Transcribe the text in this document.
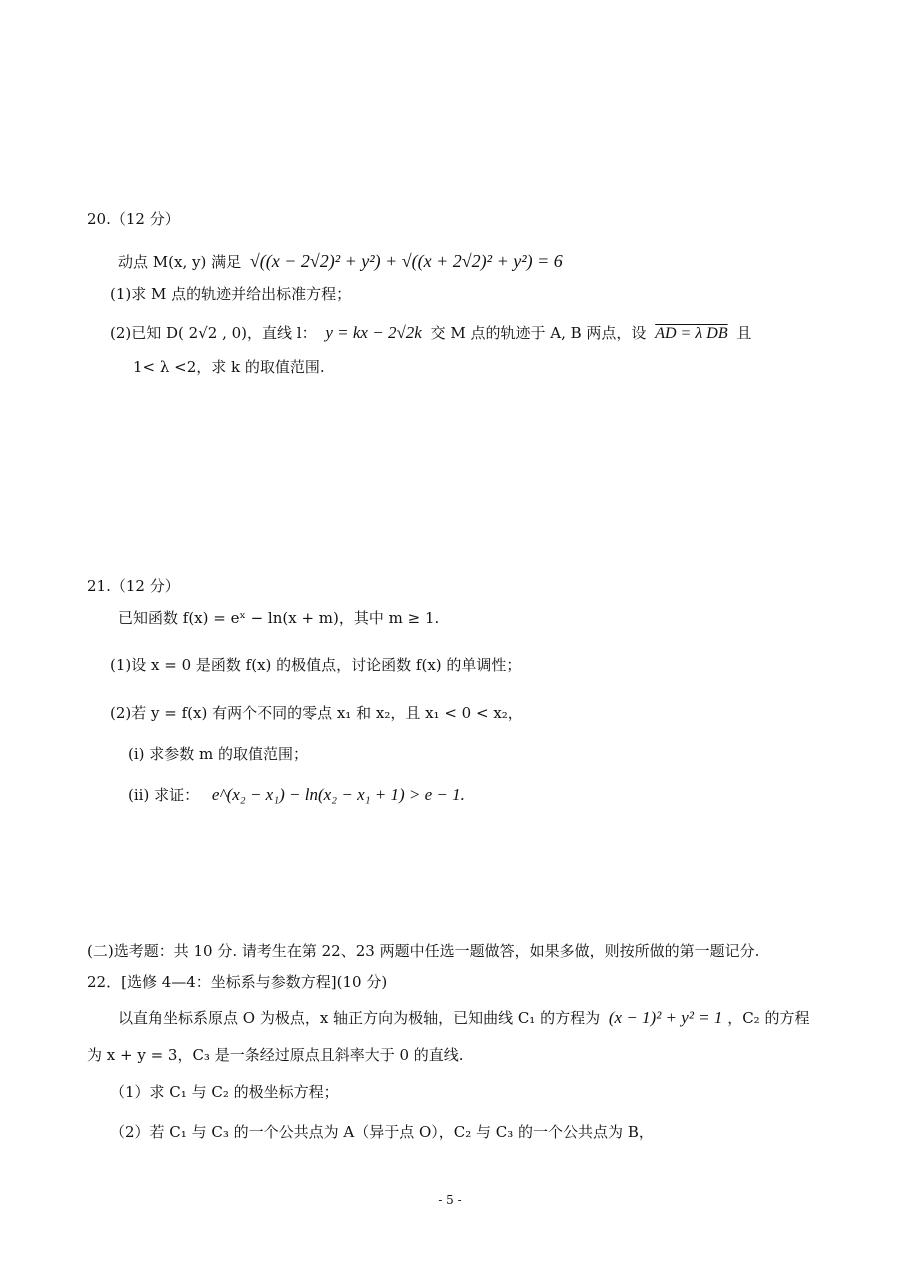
20.（12 分）
动点 M(x, y) 满足 √((x − 2√2)² + y²) + √((x + 2√2)² + y²) = 6
(1)求 M 点的轨迹并给出标准方程；
(2)已知 D( 2√2 , 0)，直线 l： y = kx − 2√2k 交 M 点的轨迹于 A, B 两点，设 AD = λ DB 且
1< λ <2，求 k 的取值范围.
21.（12 分）
已知函数 f(x) = eˣ − ln(x + m)，其中 m ≥ 1.
(1)设 x = 0 是函数 f(x) 的极值点，讨论函数 f(x) 的单调性；
(2)若 y = f(x) 有两个不同的零点 x₁ 和 x₂，且 x₁ < 0 < x₂，
(i) 求参数 m 的取值范围；
(ii) 求证： e^(x₂ − x₁) − ln(x₂ − x₁ + 1) > e − 1.
(二)选考题：共 10 分. 请考生在第 22、23 两题中任选一题做答，如果多做，则按所做的第一题记分.
22．[选修 4—4：坐标系与参数方程](10 分)
以直角坐标系原点 O 为极点，x 轴正方向为极轴，已知曲线 C₁ 的方程为 (x − 1)² + y² = 1 ，C₂ 的方程
为 x + y = 3，C₃ 是一条经过原点且斜率大于 0 的直线.
（1）求 C₁ 与 C₂ 的极坐标方程；
（2）若 C₁ 与 C₃ 的一个公共点为 A（异于点 O），C₂ 与 C₃ 的一个公共点为 B，
- 5 -
